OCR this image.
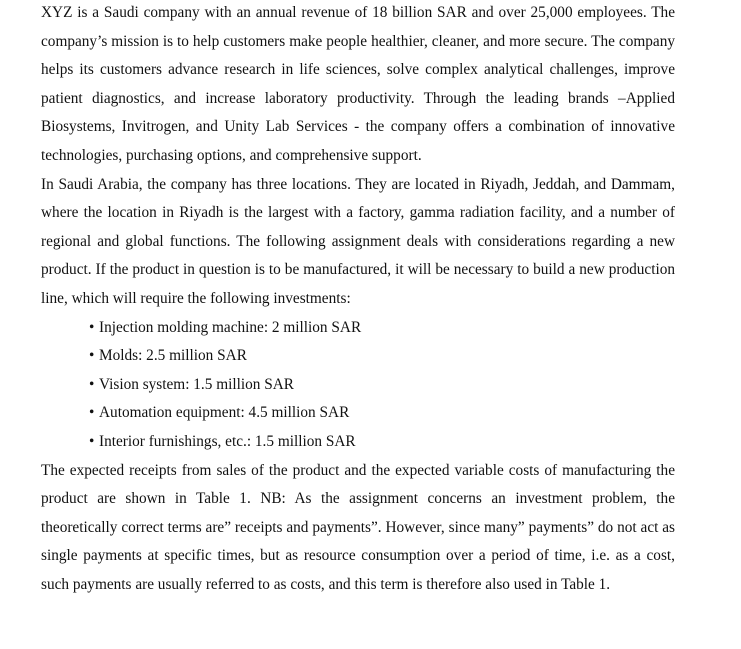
XYZ is a Saudi company with an annual revenue of 18 billion SAR and over 25,000 employees. The company’s mission is to help customers make people healthier, cleaner, and more secure. The company helps its customers advance research in life sciences, solve complex analytical challenges, improve patient diagnostics, and increase laboratory productivity. Through the leading brands –Applied Biosystems, Invitrogen, and Unity Lab Services - the company offers a combination of innovative technologies, purchasing options, and comprehensive support.

In Saudi Arabia, the company has three locations. They are located in Riyadh, Jeddah, and Dammam, where the location in Riyadh is the largest with a factory, gamma radiation facility, and a number of regional and global functions. The following assignment deals with considerations regarding a new product. If the product in question is to be manufactured, it will be necessary to build a new production line, which will require the following investments:

• Injection molding machine: 2 million SAR
• Molds: 2.5 million SAR
• Vision system: 1.5 million SAR
• Automation equipment: 4.5 million SAR
• Interior furnishings, etc.: 1.5 million SAR

The expected receipts from sales of the product and the expected variable costs of manufacturing the product are shown in Table 1. NB: As the assignment concerns an investment problem, the theoretically correct terms are” receipts and payments”. However, since many” payments” do not act as single payments at specific times, but as resource consumption over a period of time, i.e. as a cost, such payments are usually referred to as costs, and this term is therefore also used in Table 1.
